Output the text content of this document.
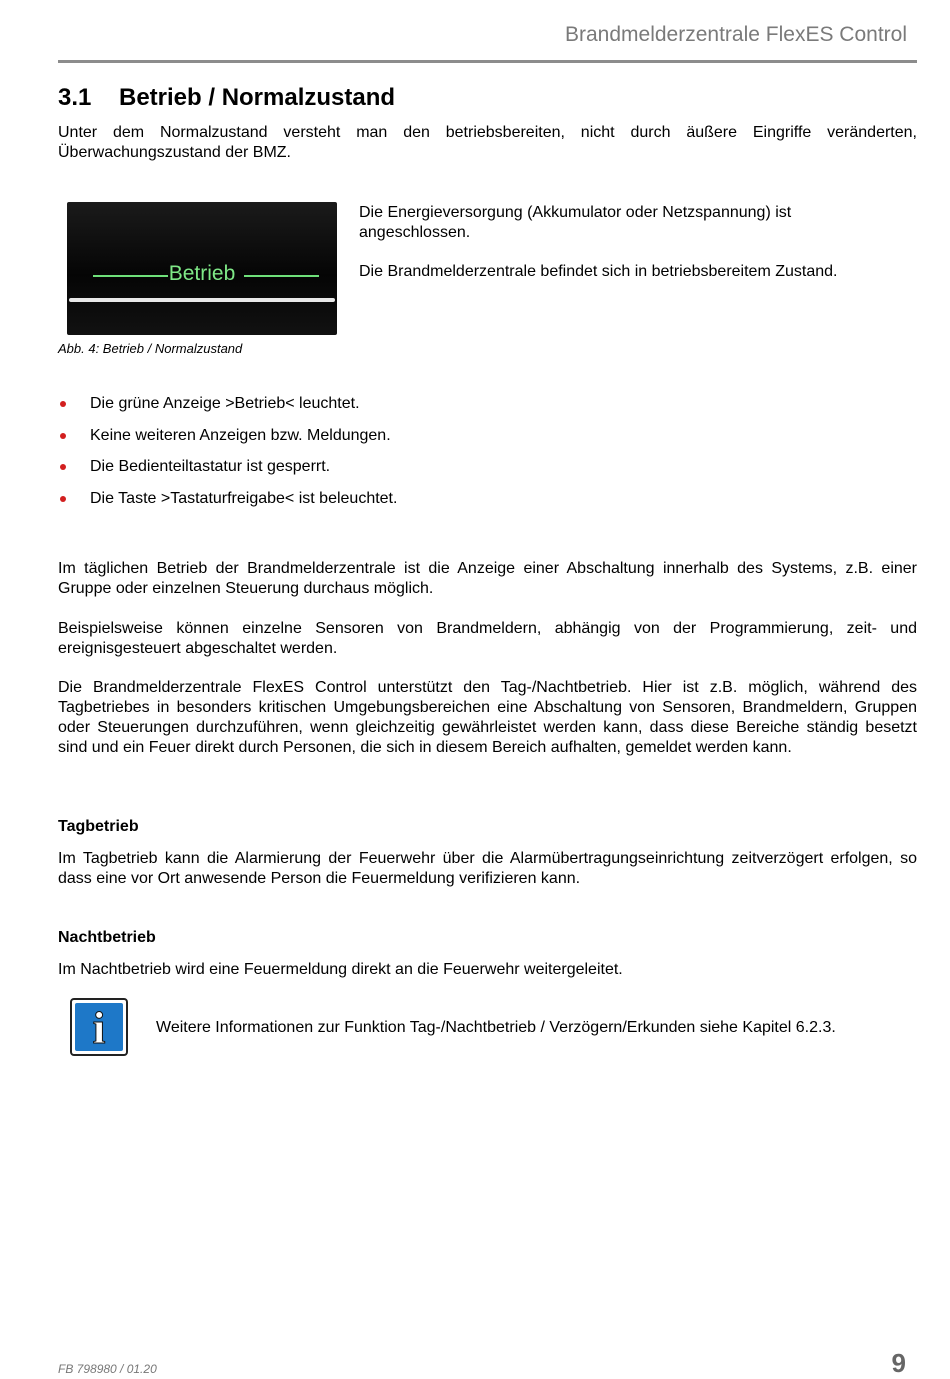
Brandmelderzentrale FlexES Control
3.1 Betrieb / Normalzustand
Unter dem Normalzustand versteht man den betriebsbereiten, nicht durch äußere Eingriffe veränderten, Überwachungszustand der BMZ.
Betrieb
Die Energieversorgung (Akkumulator oder Netzspannung) ist angeschlossen.
Die Brandmelderzentrale befindet sich in betriebsbereitem Zustand.
Abb. 4: Betrieb / Normalzustand
Die grüne Anzeige >Betrieb< leuchtet.
Keine weiteren Anzeigen bzw. Meldungen.
Die Bedienteiltastatur ist gesperrt.
Die Taste >Tastaturfreigabe< ist beleuchtet.
Im täglichen Betrieb der Brandmelderzentrale ist die Anzeige einer Abschaltung innerhalb des Systems, z.B. einer Gruppe oder einzelnen Steuerung durchaus möglich.
Beispielsweise können einzelne Sensoren von Brandmeldern, abhängig von der Programmierung, zeit- und ereignisgesteuert abgeschaltet werden.
Die Brandmelderzentrale FlexES Control unterstützt den Tag-/Nachtbetrieb. Hier ist z.B. möglich, während des Tagbetriebes in besonders kritischen Umgebungsbereichen eine Abschaltung von Sensoren, Brandmeldern, Gruppen oder Steuerungen durchzuführen, wenn gleichzeitig gewährleistet werden kann, dass diese Bereiche ständig besetzt sind und ein Feuer direkt durch Personen, die sich in diesem Bereich aufhalten, gemeldet werden kann.
Tagbetrieb
Im Tagbetrieb kann die Alarmierung der Feuerwehr über die Alarmübertragungseinrichtung zeitverzögert erfolgen, so dass eine vor Ort anwesende Person die Feuermeldung verifizieren kann.
Nachtbetrieb
Im Nachtbetrieb wird eine Feuermeldung direkt an die Feuerwehr weitergeleitet.
i	Weitere Informationen zur Funktion Tag-/Nachtbetrieb / Verzögern/Erkunden siehe Kapitel 6.2.3.
FB 798980 / 01.20	9
